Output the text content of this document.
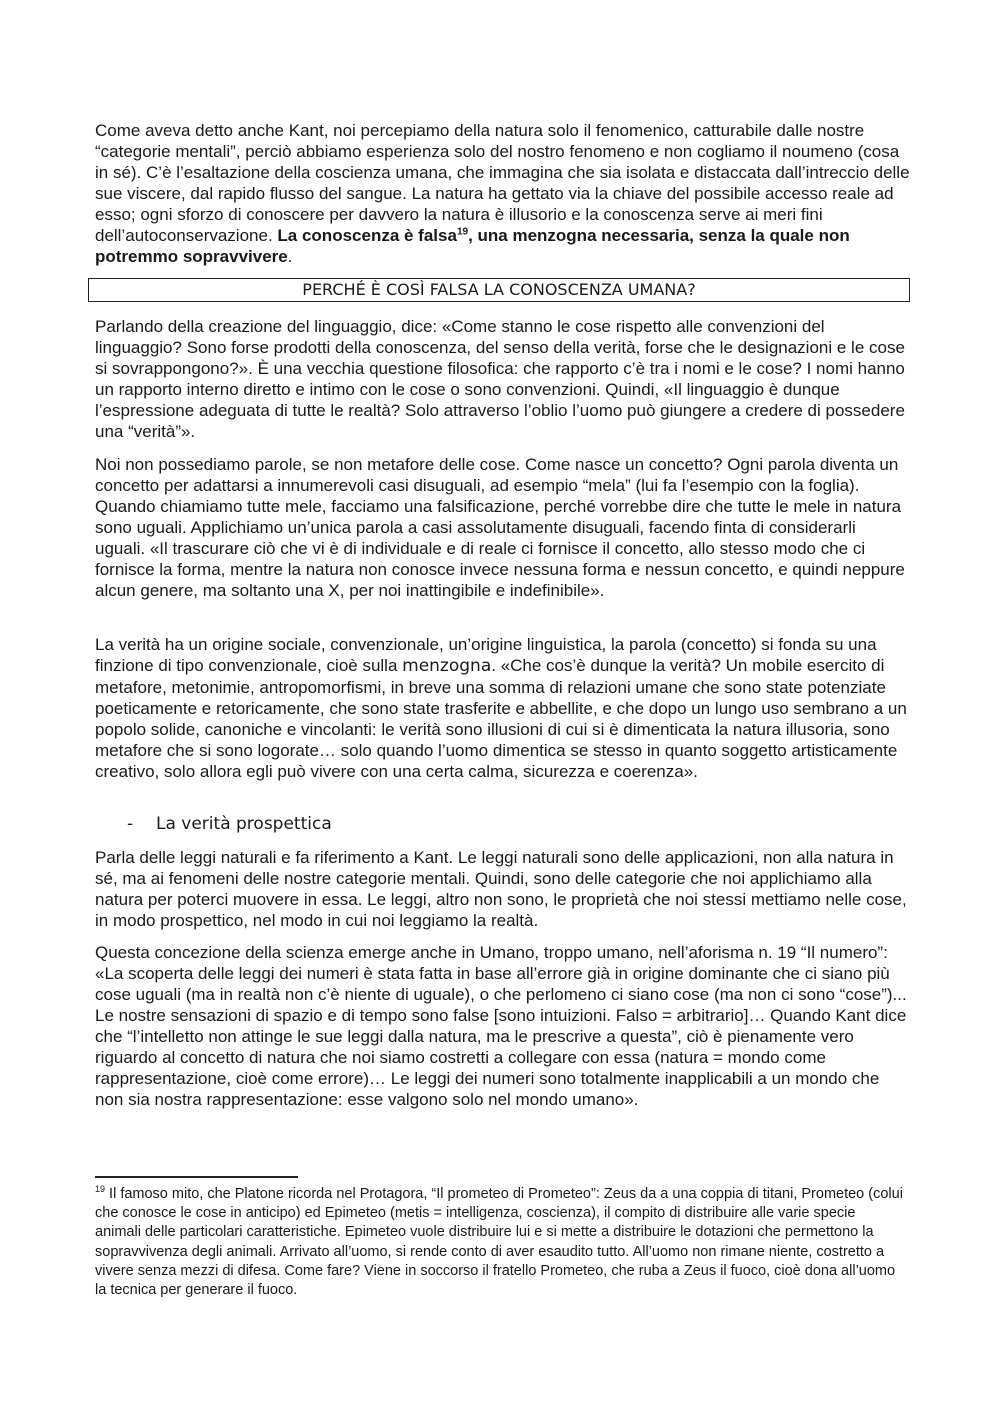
Come aveva detto anche Kant, noi percepiamo della natura solo il fenomenico, catturabile dalle nostre “categorie mentali”, perciò abbiamo esperienza solo del nostro fenomeno e non cogliamo il noumeno (cosa in sé). C’è l’esaltazione della coscienza umana, che immagina che sia isolata e distaccata dall’intreccio delle sue viscere, dal rapido flusso del sangue. La natura ha gettato via la chiave del possibile accesso reale ad esso; ogni sforzo di conoscere per davvero la natura è illusorio e la conoscenza serve ai meri fini dell’autoconservazione. La conoscenza è falsa$^{19}$, una menzogna necessaria, senza la quale non potremmo sopravvivere.

PERCHÉ È COSÌ FALSA LA CONOSCENZA UMANA?

Parlando della creazione del linguaggio, dice: «Come stanno le cose rispetto alle convenzioni del linguaggio? Sono forse prodotti della conoscenza, del senso della verità, forse che le designazioni e le cose si sovrappongono?». È una vecchia questione filosofica: che rapporto c’è tra i nomi e le cose? I nomi hanno un rapporto interno diretto e intimo con le cose o sono convenzioni. Quindi, «Il linguaggio è dunque l’espressione adeguata di tutte le realtà? Solo attraverso l’oblio l’uomo può giungere a credere di possedere una “verità”».

Noi non possediamo parole, se non metafore delle cose. Come nasce un concetto? Ogni parola diventa un concetto per adattarsi a innumerevoli casi disuguali, ad esempio “mela” (lui fa l’esempio con la foglia). Quando chiamiamo tutte mele, facciamo una falsificazione, perché vorrebbe dire che tutte le mele in natura sono uguali. Applichiamo un’unica parola a casi assolutamente disuguali, facendo finta di considerarli uguali. «Il trascurare ciò che vi è di individuale e di reale ci fornisce il concetto, allo stesso modo che ci fornisce la forma, mentre la natura non conosce invece nessuna forma e nessun concetto, e quindi neppure alcun genere, ma soltanto una X, per noi inattingibile e indefinibile».

La verità ha un origine sociale, convenzionale, un’origine linguistica, la parola (concetto) si fonda su una finzione di tipo convenzionale, cioè sulla menzogna. «Che cos’è dunque la verità? Un mobile esercito di metafore, metonimie, antropomorfismi, in breve una somma di relazioni umane che sono state potenziate poeticamente e retoricamente, che sono state trasferite e abbellite, e che dopo un lungo uso sembrano a un popolo solide, canoniche e vincolanti: le verità sono illusioni di cui si è dimenticata la natura illusoria, sono metafore che si sono logorate… solo quando l’uomo dimentica se stesso in quanto soggetto artisticamente creativo, solo allora egli può vivere con una certa calma, sicurezza e coerenza».

- La verità prospettica

Parla delle leggi naturali e fa riferimento a Kant. Le leggi naturali sono delle applicazioni, non alla natura in sé, ma ai fenomeni delle nostre categorie mentali. Quindi, sono delle categorie che noi applichiamo alla natura per poterci muovere in essa. Le leggi, altro non sono, le proprietà che noi stessi mettiamo nelle cose, in modo prospettico, nel modo in cui noi leggiamo la realtà.

Questa concezione della scienza emerge anche in Umano, troppo umano, nell’aforisma n. 19 “Il numero”: «La scoperta delle leggi dei numeri è stata fatta in base all’errore già in origine dominante che ci siano più cose uguali (ma in realtà non c’è niente di uguale), o che perlomeno ci siano cose (ma non ci sono “cose”)... Le nostre sensazioni di spazio e di tempo sono false [sono intuizioni. Falso = arbitrario]… Quando Kant dice che “l’intelletto non attinge le sue leggi dalla natura, ma le prescrive a questa”, ciò è pienamente vero riguardo al concetto di natura che noi siamo costretti a collegare con essa (natura = mondo come rappresentazione, cioè come errore)… Le leggi dei numeri sono totalmente inapplicabili a un mondo che non sia nostra rappresentazione: esse valgono solo nel mondo umano».

$^{19}$ Il famoso mito, che Platone ricorda nel Protagora, “Il prometeo di Prometeo”: Zeus da a una coppia di titani, Prometeo (colui che conosce le cose in anticipo) ed Epimeteo (metis = intelligenza, coscienza), il compito di distribuire alle varie specie animali delle particolari caratteristiche. Epimeteo vuole distribuire lui e si mette a distribuire le dotazioni che permettono la sopravvivenza degli animali. Arrivato all’uomo, si rende conto di aver esaudito tutto. All’uomo non rimane niente, costretto a vivere senza mezzi di difesa. Come fare? Viene in soccorso il fratello Prometeo, che ruba a Zeus il fuoco, cioè dona all’uomo la tecnica per generare il fuoco.
